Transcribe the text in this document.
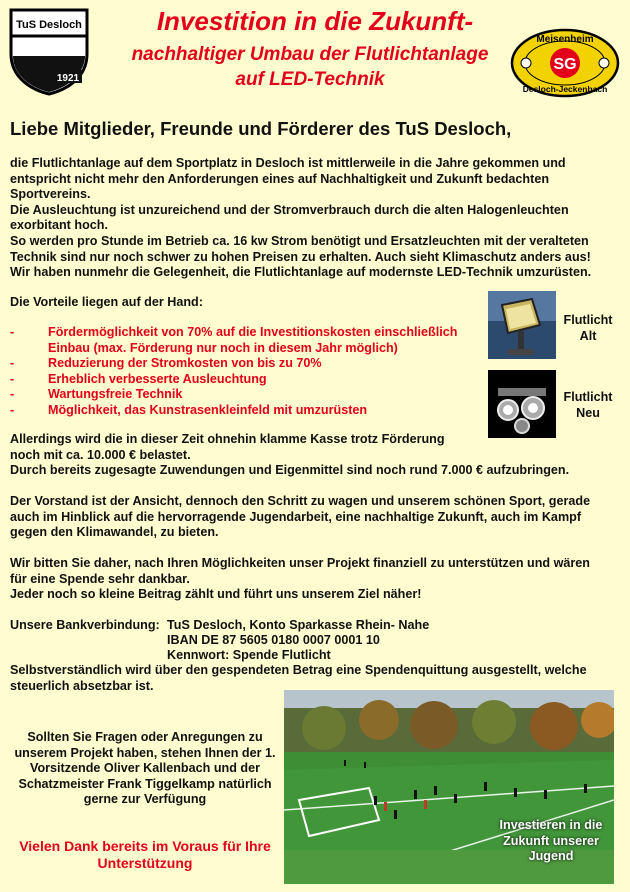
TuS Desloch
1921
SG
Meisenheim
Desloch-Jeckenbach
Investition in die Zukunft-
nachhaltiger Umbau der Flutlichtanlage
auf LED-Technik
Liebe Mitglieder, Freunde und Förderer des TuS Desloch,
die Flutlichtanlage auf dem Sportplatz in Desloch ist mittlerweile in die Jahre gekommen und entspricht nicht mehr den Anforderungen eines auf Nachhaltigkeit und Zukunft bedachten Sportvereins.
Die Ausleuchtung ist unzureichend und der Stromverbrauch durch die alten Halogenleuchten exorbitant hoch.
So werden pro Stunde im Betrieb ca. 16 kw Strom benötigt und Ersatzleuchten mit der veralteten Technik sind nur noch schwer zu hohen Preisen zu erhalten. Auch sieht Klimaschutz anders aus!
Wir haben nunmehr die Gelegenheit, die Flutlichtanlage auf modernste LED-Technik umzurüsten.
Die Vorteile liegen auf der Hand:
-	Fördermöglichkeit von 70% auf die Investitionskosten einschließlich Einbau (max. Förderung nur noch in diesem Jahr möglich)
-	Reduzierung der Stromkosten von bis zu 70%
-	Erheblich verbesserte Ausleuchtung
-	Wartungsfreie Technik
-	Möglichkeit, das Kunstrasenkleinfeld mit umzurüsten
Flutlicht
Alt
Flutlicht
Neu
Allerdings wird die in dieser Zeit ohnehin klamme Kasse trotz Förderung noch mit ca. 10.000 € belastet.
Durch bereits zugesagte Zuwendungen und Eigenmittel sind noch rund 7.000 € aufzubringen.
Der Vorstand ist der Ansicht, dennoch den Schritt zu wagen und unserem schönen Sport, gerade auch im Hinblick auf die hervorragende Jugendarbeit, eine nachhaltige Zukunft, auch im Kampf gegen den Klimawandel, zu bieten.
Wir bitten Sie daher, nach Ihren Möglichkeiten unser Projekt finanziell zu unterstützen und wären für eine Spende sehr dankbar.
Jeder noch so kleine Beitrag zählt und führt uns unserem Ziel näher!
Unsere Bankverbindung: TuS Desloch, Konto Sparkasse Rhein- Nahe
IBAN DE 87 5605 0180 0007 0001 10
Kennwort: Spende Flutlicht
Selbstverständlich wird über den gespendeten Betrag eine Spendenquittung ausgestellt, welche steuerlich absetzbar ist.
Sollten Sie Fragen oder Anregungen zu unserem Projekt haben, stehen Ihnen der 1. Vorsitzende Oliver Kallenbach und der Schatzmeister Frank Tiggelkamp natürlich gerne zur Verfügung
Vielen Dank bereits im Voraus für Ihre Unterstützung
Investieren in die Zukunft unserer Jugend
